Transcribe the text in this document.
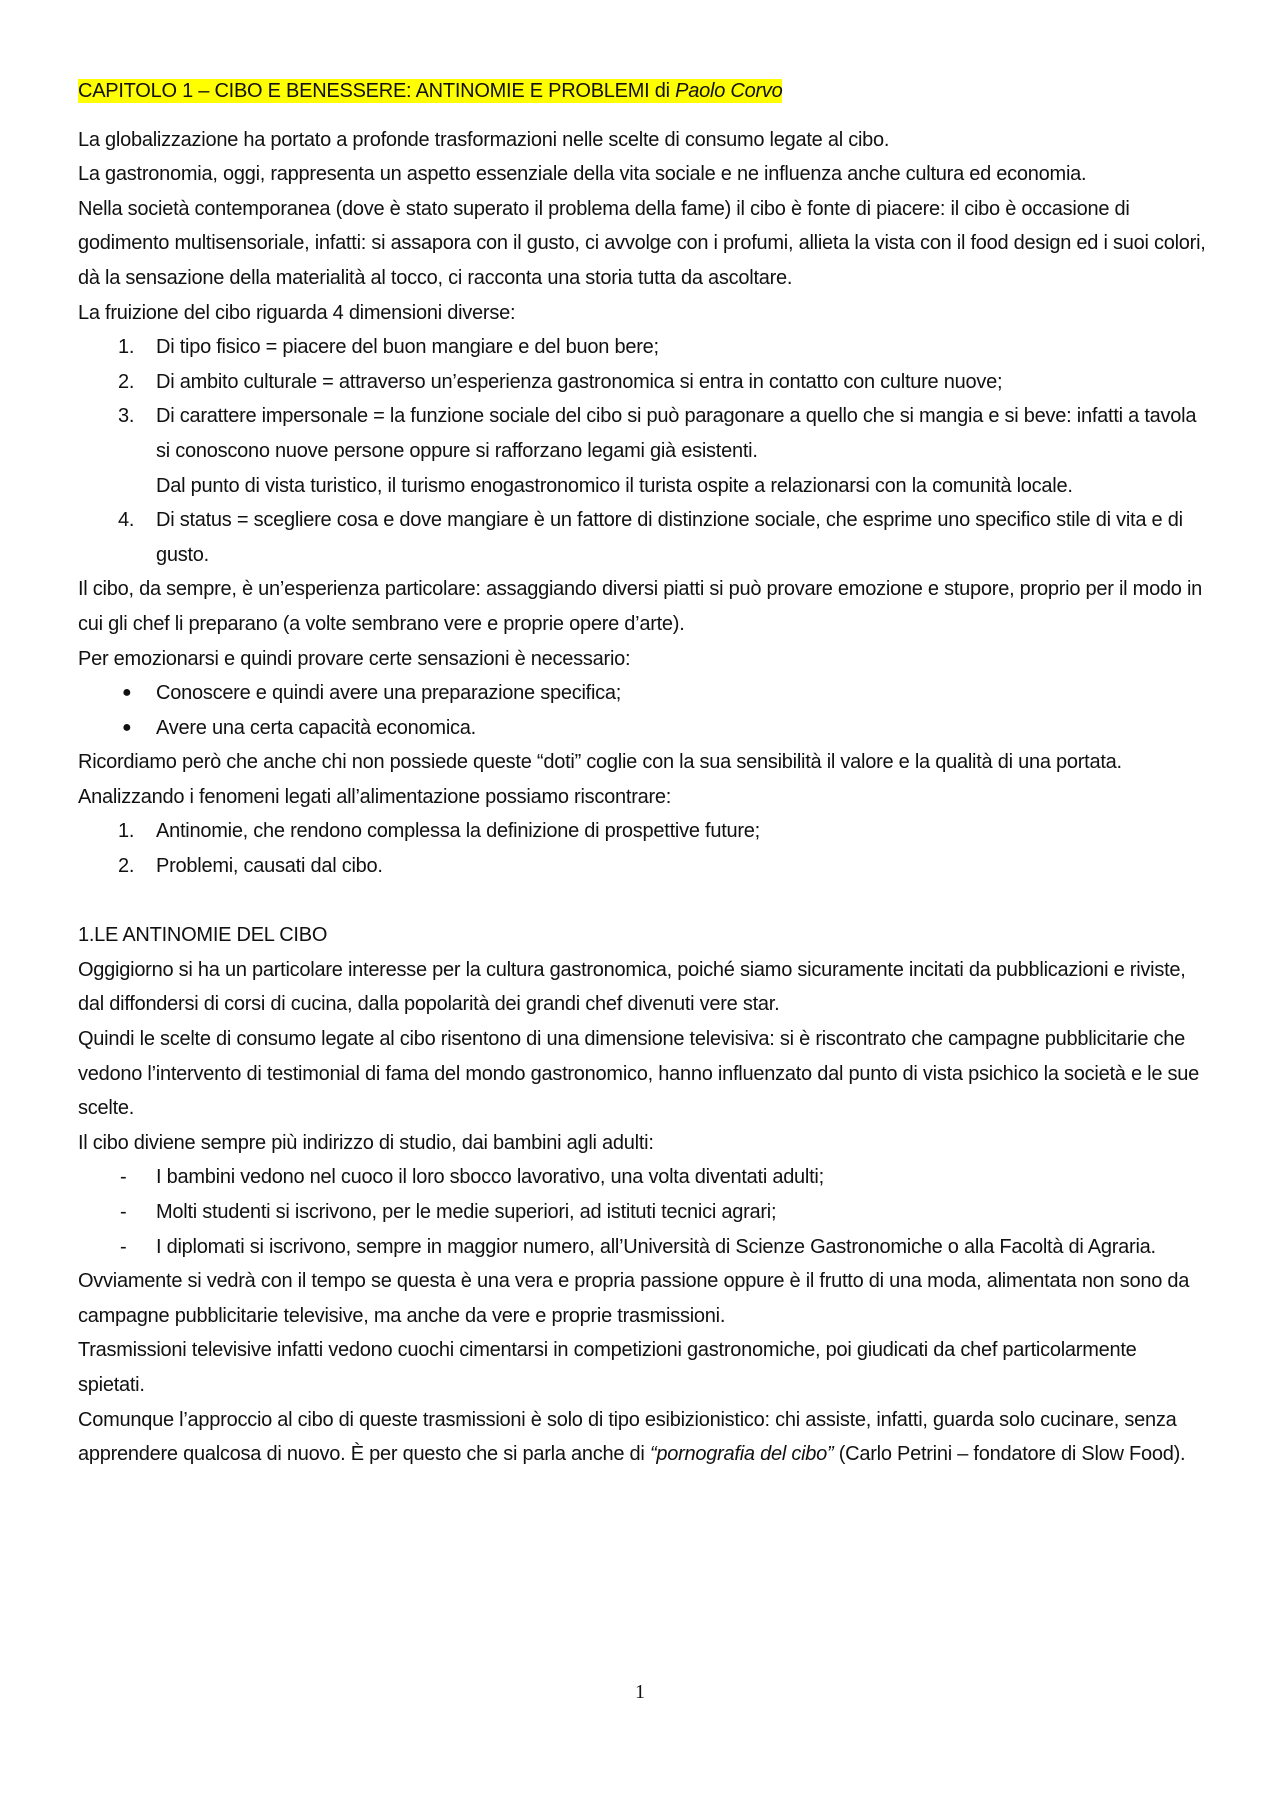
CAPITOLO 1 – CIBO E BENESSERE: ANTINOMIE E PROBLEMI di Paolo Corvo

La globalizzazione ha portato a profonde trasformazioni nelle scelte di consumo legate al cibo.

La gastronomia, oggi, rappresenta un aspetto essenziale della vita sociale e ne influenza anche cultura ed economia.

Nella società contemporanea (dove è stato superato il problema della fame) il cibo è fonte di piacere: il cibo è occasione di godimento multisensoriale, infatti: si assapora con il gusto, ci avvolge con i profumi, allieta la vista con il food design ed i suoi colori, dà la sensazione della materialità al tocco, ci racconta una storia tutta da ascoltare.

La fruizione del cibo riguarda 4 dimensioni diverse:

1. Di tipo fisico = piacere del buon mangiare e del buon bere;
2. Di ambito culturale = attraverso un’esperienza gastronomica si entra in contatto con culture nuove;
3. Di carattere impersonale = la funzione sociale del cibo si può paragonare a quello che si mangia e si beve: infatti a tavola si conoscono nuove persone oppure si rafforzano legami già esistenti.
Dal punto di vista turistico, il turismo enogastronomico il turista ospite a relazionarsi con la comunità locale.
4. Di status = scegliere cosa e dove mangiare è un fattore di distinzione sociale, che esprime uno specifico stile di vita e di gusto.

Il cibo, da sempre, è un’esperienza particolare: assaggiando diversi piatti si può provare emozione e stupore, proprio per il modo in cui gli chef li preparano (a volte sembrano vere e proprie opere d’arte).

Per emozionarsi e quindi provare certe sensazioni è necessario:

● Conoscere e quindi avere una preparazione specifica;
● Avere una certa capacità economica.

Ricordiamo però che anche chi non possiede queste “doti” coglie con la sua sensibilità il valore e la qualità di una portata.

Analizzando i fenomeni legati all’alimentazione possiamo riscontrare:

1. Antinomie, che rendono complessa la definizione di prospettive future;
2. Problemi, causati dal cibo.

1.LE ANTINOMIE DEL CIBO

Oggigiorno si ha un particolare interesse per la cultura gastronomica, poiché siamo sicuramente incitati da pubblicazioni e riviste, dal diffondersi di corsi di cucina, dalla popolarità dei grandi chef divenuti vere star.

Quindi le scelte di consumo legate al cibo risentono di una dimensione televisiva: si è riscontrato che campagne pubblicitarie che vedono l’intervento di testimonial di fama del mondo gastronomico, hanno influenzato dal punto di vista psichico la società e le sue scelte.

Il cibo diviene sempre più indirizzo di studio, dai bambini agli adulti:

- I bambini vedono nel cuoco il loro sbocco lavorativo, una volta diventati adulti;
- Molti studenti si iscrivono, per le medie superiori, ad istituti tecnici agrari;
- I diplomati si iscrivono, sempre in maggior numero, all’Università di Scienze Gastronomiche o alla Facoltà di Agraria.

Ovviamente si vedrà con il tempo se questa è una vera e propria passione oppure è il frutto di una moda, alimentata non sono da campagne pubblicitarie televisive, ma anche da vere e proprie trasmissioni.

Trasmissioni televisive infatti vedono cuochi cimentarsi in competizioni gastronomiche, poi giudicati da chef particolarmente spietati.

Comunque l’approccio al cibo di queste trasmissioni è solo di tipo esibizionistico: chi assiste, infatti, guarda solo cucinare, senza apprendere qualcosa di nuovo. È per questo che si parla anche di “pornografia del cibo” (Carlo Petrini – fondatore di Slow Food).

1
